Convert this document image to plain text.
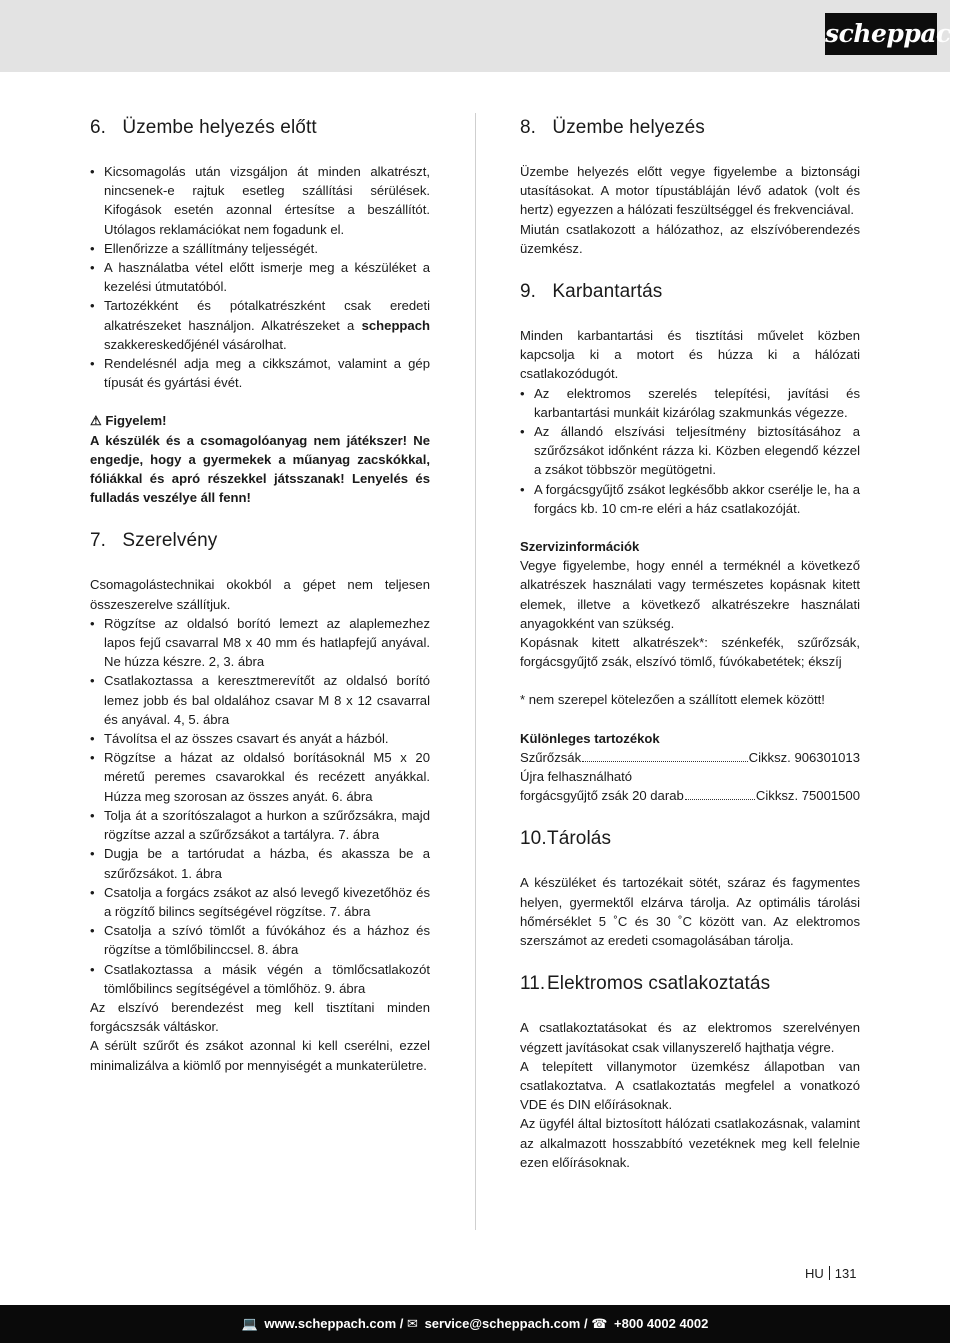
scheppach
6. Üzembe helyezés előtt
• Kicsomagolás után vizsgáljon át minden alkatrészt, nincsenek-e rajtuk esetleg szállítási sérülések. Kifogások esetén azonnal értesítse a beszállítót. Utólagos reklamációkat nem fogadunk el.
• Ellenőrizze a szállítmány teljességét.
• A használatba vétel előtt ismerje meg a készüléket a kezelési útmutatóból.
• Tartozékként és pótalkatrészként csak eredeti alkatrészeket használjon. Alkatrészeket a scheppach szakkereskedőjénél vásárolhat.
• Rendelésnél adja meg a cikkszámot, valamint a gép típusát és gyártási évét.

⚠ Figyelem!

A készülék és a csomagolóanyag nem játékszer! Ne engedje, hogy a gyermekek a műanyag zacskókkal, fóliákkal és apró részekkel játsszanak! Lenyelés és fulladás veszélye áll fenn!

7. Szerelvény

Csomagolástechnikai okokból a gépet nem teljesen összeszerelve szállítjuk.

• Rögzítse az oldalsó borító lemezt az alaplemezhez lapos fejű csavarral M8 x 40 mm és hatlapfejű anyával. Ne húzza készre. 2, 3. ábra
• Csatlakoztassa a keresztmerevítőt az oldalsó borító lemez jobb és bal oldalához csavar M 8 x 12 csavarral és anyával. 4, 5. ábra
• Távolítsa el az összes csavart és anyát a házból.
• Rögzítse a házat az oldalsó borításoknál M5 x 20 méretű peremes csavarokkal és recézett anyákkal. Húzza meg szorosan az összes anyát. 6. ábra
• Tolja át a szorítószalagot a hurkon a szűrőzsákra, majd rögzítse azzal a szűrőzsákot a tartályra. 7. ábra
• Dugja be a tartórudat a házba, és akassza be a szűrőzsákot. 1. ábra
• Csatolja a forgács zsákot az alsó levegő kivezetőhöz és a rögzítő bilincs segítségével rögzítse. 7. ábra
• Csatolja a szívó tömlőt a fúvókához és a házhoz és rögzítse a tömlőbilinccsel. 8. ábra
• Csatlakoztassa a másik végén a tömlőcsatlakozót tömlőbilincs segítségével a tömlőhöz. 9. ábra

Az elszívó berendezést meg kell tisztítani minden forgácszsák váltáskor.

A sérült szűrőt és zsákot azonnal ki kell cserélni, ezzel minimalizálva a kiömlő por mennyiségét a munkaterületre.

8. Üzembe helyezés

Üzembe helyezés előtt vegye figyelembe a biztonsági utasításokat. A motor típustábláján lévő adatok (volt és hertz) egyezzen a hálózati feszültséggel és frekvenciával.

Miután csatlakozott a hálózathoz, az elszívóberendezés üzemkész.

9. Karbantartás

Minden karbantartási és tisztítási művelet közben kapcsolja ki a motort és húzza ki a hálózati csatlakozódugót.

• Az elektromos szerelés telepítési, javítási és karbantartási munkáit kizárólag szakmunkás végezze.
• Az állandó elszívási teljesítmény biztosításához a szűrőzsákot időnként rázza ki. Közben elegendő kézzel a zsákot többször megütögetni.
• A forgácsgyűjtő zsákot legkésőbb akkor cserélje le, ha a forgács kb. 10 cm-re eléri a ház csatlakozóját.

Szervizinformációk

Vegye figyelembe, hogy ennél a terméknél a következő alkatrészek használati vagy természetes kopásnak kitett elemek, illetve a következő alkatrészekre használati anyagokként van szükség.

Kopásnak kitett alkatrészek*: szénkefék, szűrőzsák, forgácsgyűjtő zsák, elszívó tömlő, fúvókabetétek; ékszíj

* nem szerepel kötelezően a szállított elemek között!

Különleges tartozékok

Szűrőzsák	Cikksz. 906301013

Újra felhasználható

forgácsgyűjtő zsák 20 darab	Cikksz. 75001500
10.Tárolás

A készüléket és tartozékait sötét, száraz és fagymentes helyen, gyermektől elzárva tárolja. Az optimális tárolási hőmérséklet 5 ˚C és 30 ˚C között van. Az elektromos szerszámot az eredeti csomagolásában tárolja.

11.Elektromos csatlakoztatás

A csatlakoztatásokat és az elektromos szerelvényen végzett javításokat csak villanyszerelő hajthatja végre.

A telepített villanymotor üzemkész állapotban van csatlakoztatva. A csatlakoztatás megfelel a vonatkozó VDE és DIN előírásoknak.

Az ügyfél által biztosított hálózati csatlakozásnak, valamint az alkalmazott hosszabbító vezetéknek meg kell felelnie ezen előírásoknak.

HU 131
💻 www.scheppach.com / ✉ service@scheppach.com / ☎ +800 4002 4002
